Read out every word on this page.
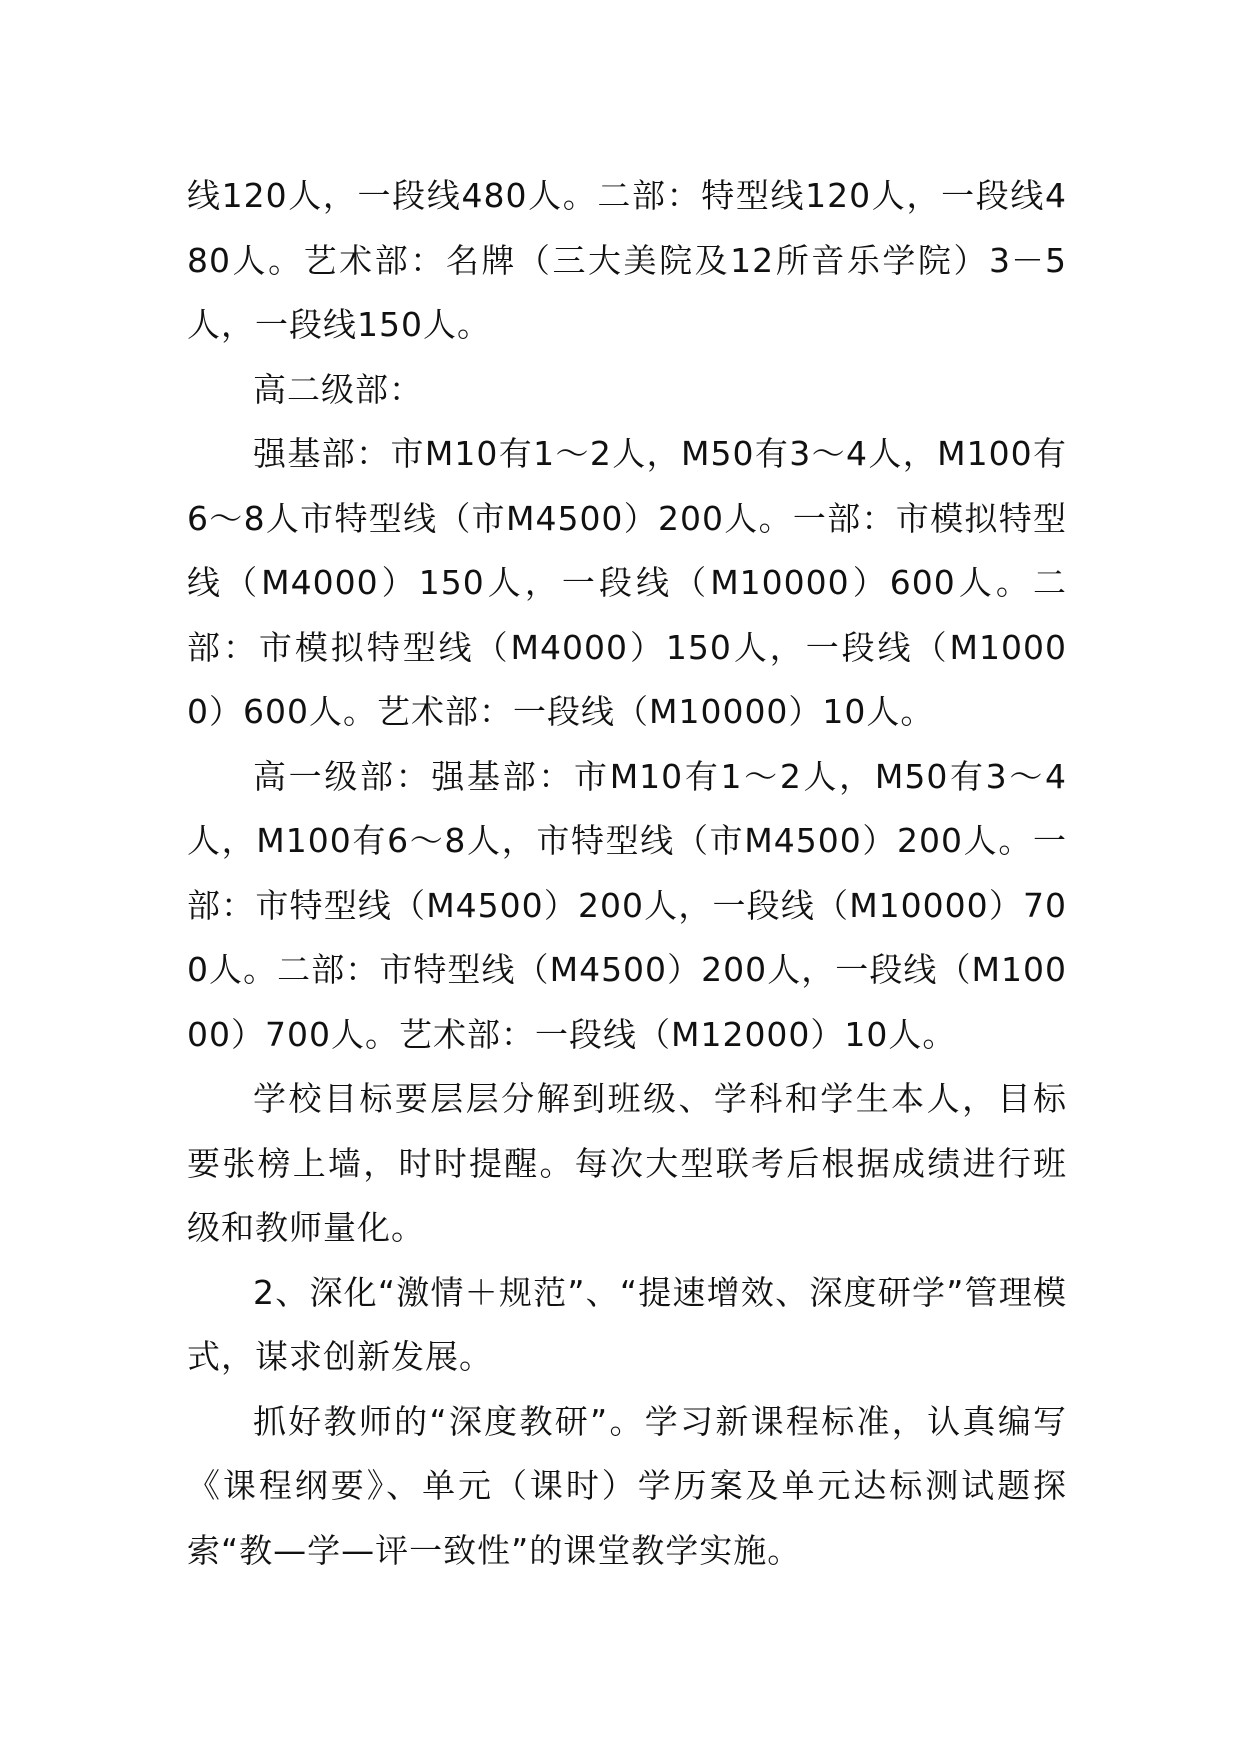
线120人，一段线480人。二部：特型线120人，一段线480人。艺术部：名牌（三大美院及12所音乐学院）3－5人，一段线150人。

高二级部：

强基部：市M10有1～2人，M50有3～4人，M100有6～8人市特型线（市M4500）200人。一部：市模拟特型线（M4000）150人，一段线（M10000）600人。二部：市模拟特型线（M4000）150人，一段线（M10000）600人。艺术部：一段线（M10000）10人。

高一级部：强基部：市M10有1～2人，M50有3～4人，M100有6～8人，市特型线（市M4500）200人。一部：市特型线（M4500）200人，一段线（M10000）700人。二部：市特型线（M4500）200人，一段线（M10000）700人。艺术部：一段线（M12000）10人。

学校目标要层层分解到班级、学科和学生本人，目标要张榜上墙，时时提醒。每次大型联考后根据成绩进行班级和教师量化。

2、深化“激情＋规范”、“提速增效、深度研学”管理模式，谋求创新发展。

抓好教师的“深度教研”。学习新课程标准，认真编写《课程纲要》、单元（课时）学历案及单元达标测试题探索“教—学—评一致性”的课堂教学实施。
